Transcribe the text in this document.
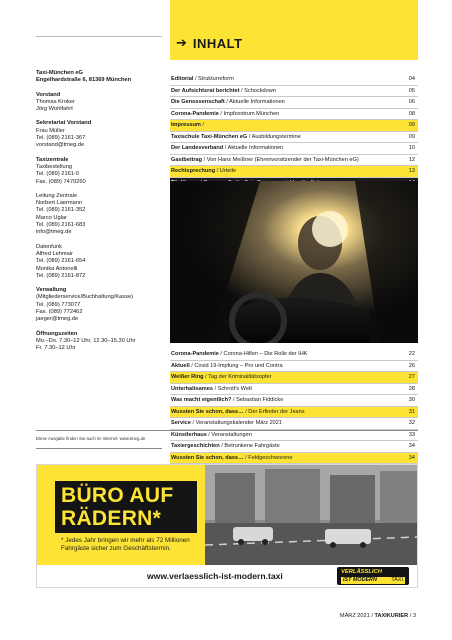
➔ INHALT

Taxi-München eG

Engelhardstraße 6, 81369 München

Vorstand

Thomas Kroker

Jörg Wohlfahrt

Sekretariat Vorstand

Frau Müller

Tel. (089) 2161-367

vorstand@tmeg.de

Taxizentrale

Taxibestellung

Tel. (089) 2161-0

Fax. (089) 7470260

Leitung Zentrale

Norbert Laermann

Tel. (089) 2161-352

Marco Uglar

Tel. (089) 2161-683

info@tmeg.de

Datenfunk

Alfred Lehmair

Tel. (089) 2161-654

Monika Antonelli

Tel. (089) 2161-872

Verwaltung

(Mitgliederservice/Buchhaltung/Kasse)

Tel. (089) 773077

Fax. (089) 772462

jaeger@tmeg.de

Öffnungszeiten

Mo.–Do. 7.30–12 Uhr, 12.30–15.30 Uhr

Fr. 7.30–12 Uhr

Editorial / Strukturreform	04
Der Aufsichtsrat berichtet / Schockdown	05
Die Genossenschaft / Aktuelle Informationen	06
Corona-Pandemie / Impfzentrum München	08
Impressum /	09
Taxischule Taxi-München eG / Ausbildungstermine	09
Der Landesverband / Aktuelle Informationen	10
Gastbeitrag / Von Hans Meißner (Ehrenvorsitzender der Taxi-München eG)	12
Rechtsprechung / Urteile	13
Corona-Pandemie / Corona-Hilfen – Die Rolle der IHK	22
Aktuell / Covid 19-Impfung – Pro und Contra	26
Weißer Ring / Tag der Kriminalitätsopfer	27
Unterhaltsames / Schrott's Welt	28
Was macht eigentlich? / Sebastian Fiddicke	30
Wussten Sie schon, dass… / Der Erfinder der Jeans	31
Service / Veranstaltungskalender März 2021	32
Künstlerhaus / Veranstaltungen	33
Taxiergeschichten / Betrunkene Fahrgäste	34
Wussten Sie schon, dass… / Feldgeschworene	34
Diese Ausgabe finden Sie auch im Internet: www.tmeg.de
BÜRO AUF
RÄDERN*
* Jedes Jahr bringen wir mehr als 72 Millionen Fahrgäste sicher zum Geschäftstermin.
www.verlaesslich-ist-modern.taxi	VERLÄSSLICH
IST MODERN	TAXI
MÄRZ 2021 / TAXIKURIER / 3
